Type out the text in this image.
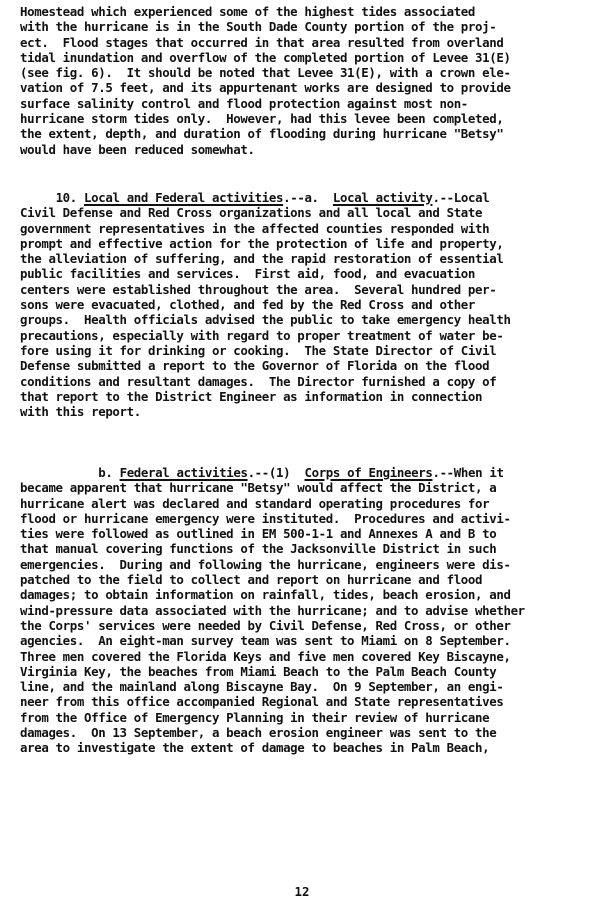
Homestead which experienced some of the highest tides associated
with the hurricane is in the South Dade County portion of the proj-
ect.  Flood stages that occurred in that area resulted from overland
tidal inundation and overflow of the completed portion of Levee 31(E)
(see fig. 6).  It should be noted that Levee 31(E), with a crown ele-
vation of 7.5 feet, and its appurtenant works are designed to provide
surface salinity control and flood protection against most non-
hurricane storm tides only.  However, had this levee been completed,
the extent, depth, and duration of flooding during hurricane "Betsy"
would have been reduced somewhat.
10. Local and Federal activities.--a. Local activity.--Local
Civil Defense and Red Cross organizations and all local and State
government representatives in the affected counties responded with
prompt and effective action for the protection of life and property,
the alleviation of suffering, and the rapid restoration of essential
public facilities and services.  First aid, food, and evacuation
centers were established throughout the area.  Several hundred per-
sons were evacuated, clothed, and fed by the Red Cross and other
groups.  Health officials advised the public to take emergency health
precautions, especially with regard to proper treatment of water be-
fore using it for drinking or cooking.  The State Director of Civil
Defense submitted a report to the Governor of Florida on the flood
conditions and resultant damages.  The Director furnished a copy of
that report to the District Engineer as information in connection
with this report.
b. Federal activities.--(1) Corps of Engineers.--When it
became apparent that hurricane "Betsy" would affect the District, a
hurricane alert was declared and standard operating procedures for
flood or hurricane emergency were instituted.  Procedures and activi-
ties were followed as outlined in EM 500-1-1 and Annexes A and B to
that manual covering functions of the Jacksonville District in such
emergencies.  During and following the hurricane, engineers were dis-
patched to the field to collect and report on hurricane and flood
damages; to obtain information on rainfall, tides, beach erosion, and
wind-pressure data associated with the hurricane; and to advise whether
the Corps' services were needed by Civil Defense, Red Cross, or other
agencies.  An eight-man survey team was sent to Miami on 8 September.
Three men covered the Florida Keys and five men covered Key Biscayne,
Virginia Key, the beaches from Miami Beach to the Palm Beach County
line, and the mainland along Biscayne Bay.  On 9 September, an engi-
neer from this office accompanied Regional and State representatives
from the Office of Emergency Planning in their review of hurricane
damages.  On 13 September, a beach erosion engineer was sent to the
area to investigate the extent of damage to beaches in Palm Beach,
12
